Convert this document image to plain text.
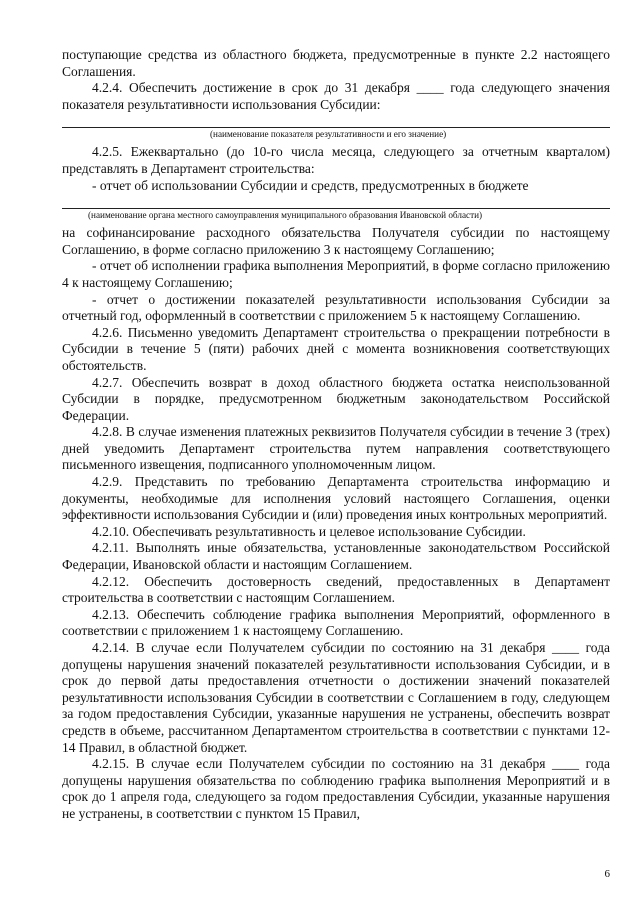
поступающие средства из областного бюджета, предусмотренные в пункте 2.2 настоящего Соглашения.

4.2.4. Обеспечить достижение в срок до 31 декабря ____ года следующего значения показателя результативности использования Субсидии:

(наименование показателя результативности и его значение)

4.2.5. Ежеквартально (до 10-го числа месяца, следующего за отчетным кварталом) представлять в Департамент строительства:

- отчет об использовании Субсидии и средств, предусмотренных в бюджете

(наименование органа местного самоуправления муниципального образования Ивановской области)

на софинансирование расходного обязательства Получателя субсидии по настоящему Соглашению, в форме согласно приложению 3 к настоящему Соглашению;

- отчет об исполнении графика выполнения Мероприятий, в форме согласно приложению 4 к настоящему Соглашению;

- отчет о достижении показателей результативности использования Субсидии за отчетный год, оформленный в соответствии с приложением 5 к настоящему Соглашению.

4.2.6. Письменно уведомить Департамент строительства о прекращении потребности в Субсидии в течение 5 (пяти) рабочих дней с момента возникновения соответствующих обстоятельств.

4.2.7. Обеспечить возврат в доход областного бюджета остатка неиспользованной Субсидии в порядке, предусмотренном бюджетным законодательством Российской Федерации.

4.2.8. В случае изменения платежных реквизитов Получателя субсидии в течение 3 (трех) дней уведомить Департамент строительства путем направления соответствующего письменного извещения, подписанного уполномоченным лицом.

4.2.9. Представить по требованию Департамента строительства информацию и документы, необходимые для исполнения условий настоящего Соглашения, оценки эффективности использования Субсидии и (или) проведения иных контрольных мероприятий.

4.2.10. Обеспечивать результативность и целевое использование Субсидии.

4.2.11. Выполнять иные обязательства, установленные законодательством Российской Федерации, Ивановской области и настоящим Соглашением.

4.2.12. Обеспечить достоверность сведений, предоставленных в Департамент строительства в соответствии с настоящим Соглашением.

4.2.13. Обеспечить соблюдение графика выполнения Мероприятий, оформленного в соответствии с приложением 1 к настоящему Соглашению.

4.2.14. В случае если Получателем субсидии по состоянию на 31 декабря ____ года допущены нарушения значений показателей результативности использования Субсидии, и в срок до первой даты предоставления отчетности о достижении значений показателей результативности использования Субсидии в соответствии с Соглашением в году, следующем за годом предоставления Субсидии, указанные нарушения не устранены, обеспечить возврат средств в объеме, рассчитанном Департаментом строительства в соответствии с пунктами 12-14 Правил, в областной бюджет.

4.2.15. В случае если Получателем субсидии по состоянию на 31 декабря ____ года допущены нарушения обязательства по соблюдению графика выполнения Мероприятий и в срок до 1 апреля года, следующего за годом предоставления Субсидии, указанные нарушения не устранены, в соответствии с пунктом 15 Правил,

6
